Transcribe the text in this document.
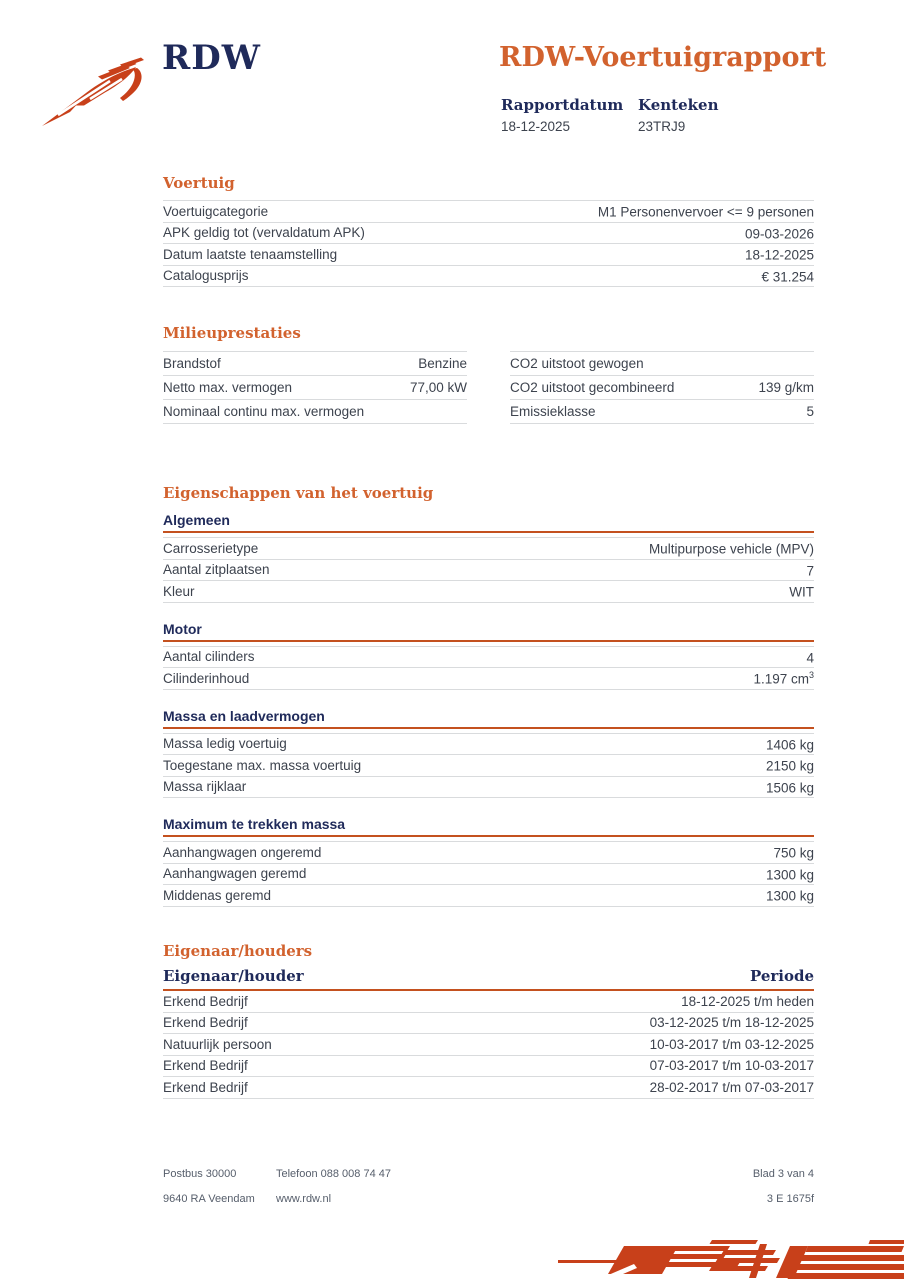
RDW	RDW-Voertuigrapport
Rapportdatum
18-12-2025
Kenteken
23TRJ9
Voertuig
Voertuigcategorie	M1 Personenvervoer <= 9 personen
APK geldig tot (vervaldatum APK)	09-03-2026
Datum laatste tenaamstelling	18-12-2025
Catalogusprijs	€ 31.254
Milieuprestaties
Brandstof	Benzine
Netto max. vermogen	77,00 kW
Nominaal continu max. vermogen
CO2 uitstoot gewogen
CO2 uitstoot gecombineerd	139 g/km
Emissieklasse	5
Eigenschappen van het voertuig
Algemeen
Carrosserietype	Multipurpose vehicle (MPV)
Aantal zitplaatsen	7
Kleur	WIT
Motor
Aantal cilinders	4
Cilinderinhoud	1.197 $cm^3$
Massa en laadvermogen
Massa ledig voertuig	1406 kg
Toegestane max. massa voertuig	2150 kg
Massa rijklaar	1506 kg
Maximum te trekken massa
Aanhangwagen ongeremd	750 kg
Aanhangwagen geremd	1300 kg
Middenas geremd	1300 kg
Eigenaar/houders
Eigenaar/houder	Periode
Erkend Bedrijf	18-12-2025 t/m heden
Erkend Bedrijf	03-12-2025 t/m 18-12-2025
Natuurlijk persoon	10-03-2017 t/m 03-12-2025
Erkend Bedrijf	07-03-2017 t/m 10-03-2017
Erkend Bedrijf	28-02-2017 t/m 07-03-2017
Postbus 30000
9640 RA Veendam
Telefoon 088 008 74 47
www.rdw.nl
Blad 3 van 4
3 E 1675f
